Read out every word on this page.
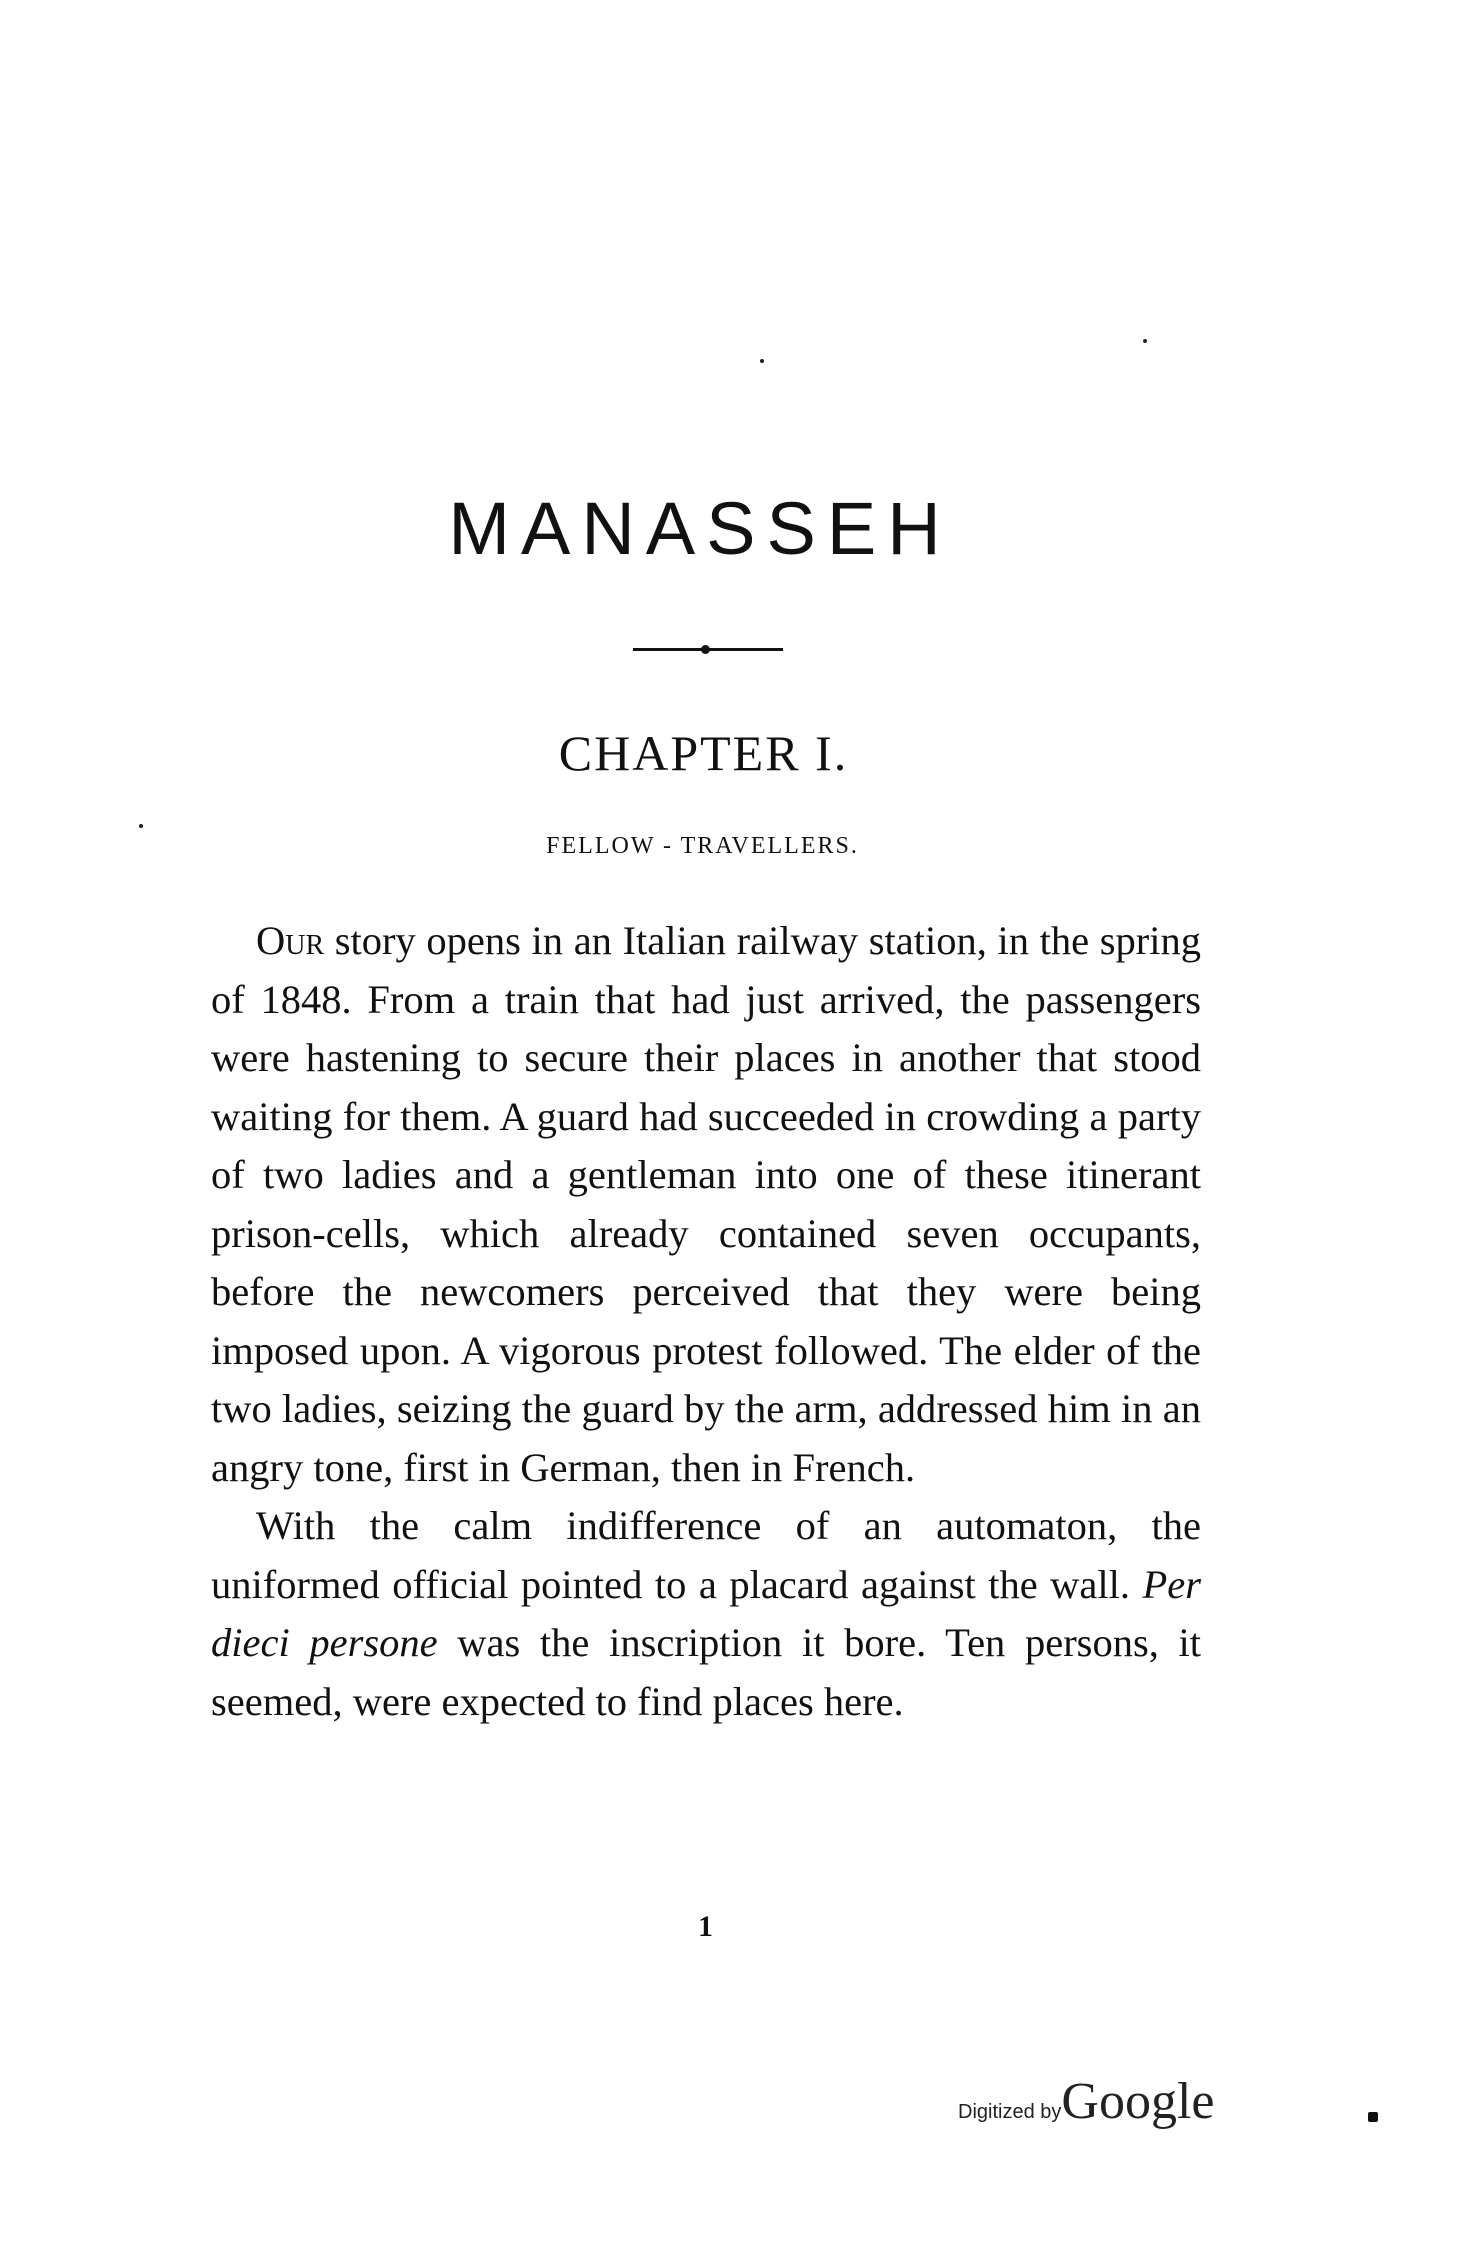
MANASSEH
CHAPTER I.
FELLOW - TRAVELLERS.

Our story opens in an Italian railway station, in the spring of 1848. From a train that had just arrived, the passengers were hastening to secure their places in another that stood waiting for them. A guard had succeeded in crowding a party of two ladies and a gentleman into one of these itinerant prison-cells, which already contained seven occupants, before the newcomers perceived that they were being imposed upon. A vigorous protest followed. The elder of the two ladies, seizing the guard by the arm, addressed him in an angry tone, first in German, then in French.

With the calm indifference of an automaton, the uniformed official pointed to a placard against the wall. Per dieci persone was the inscription it bore. Ten persons, it seemed, were expected to find places here.

1
Digitized byGoogle
